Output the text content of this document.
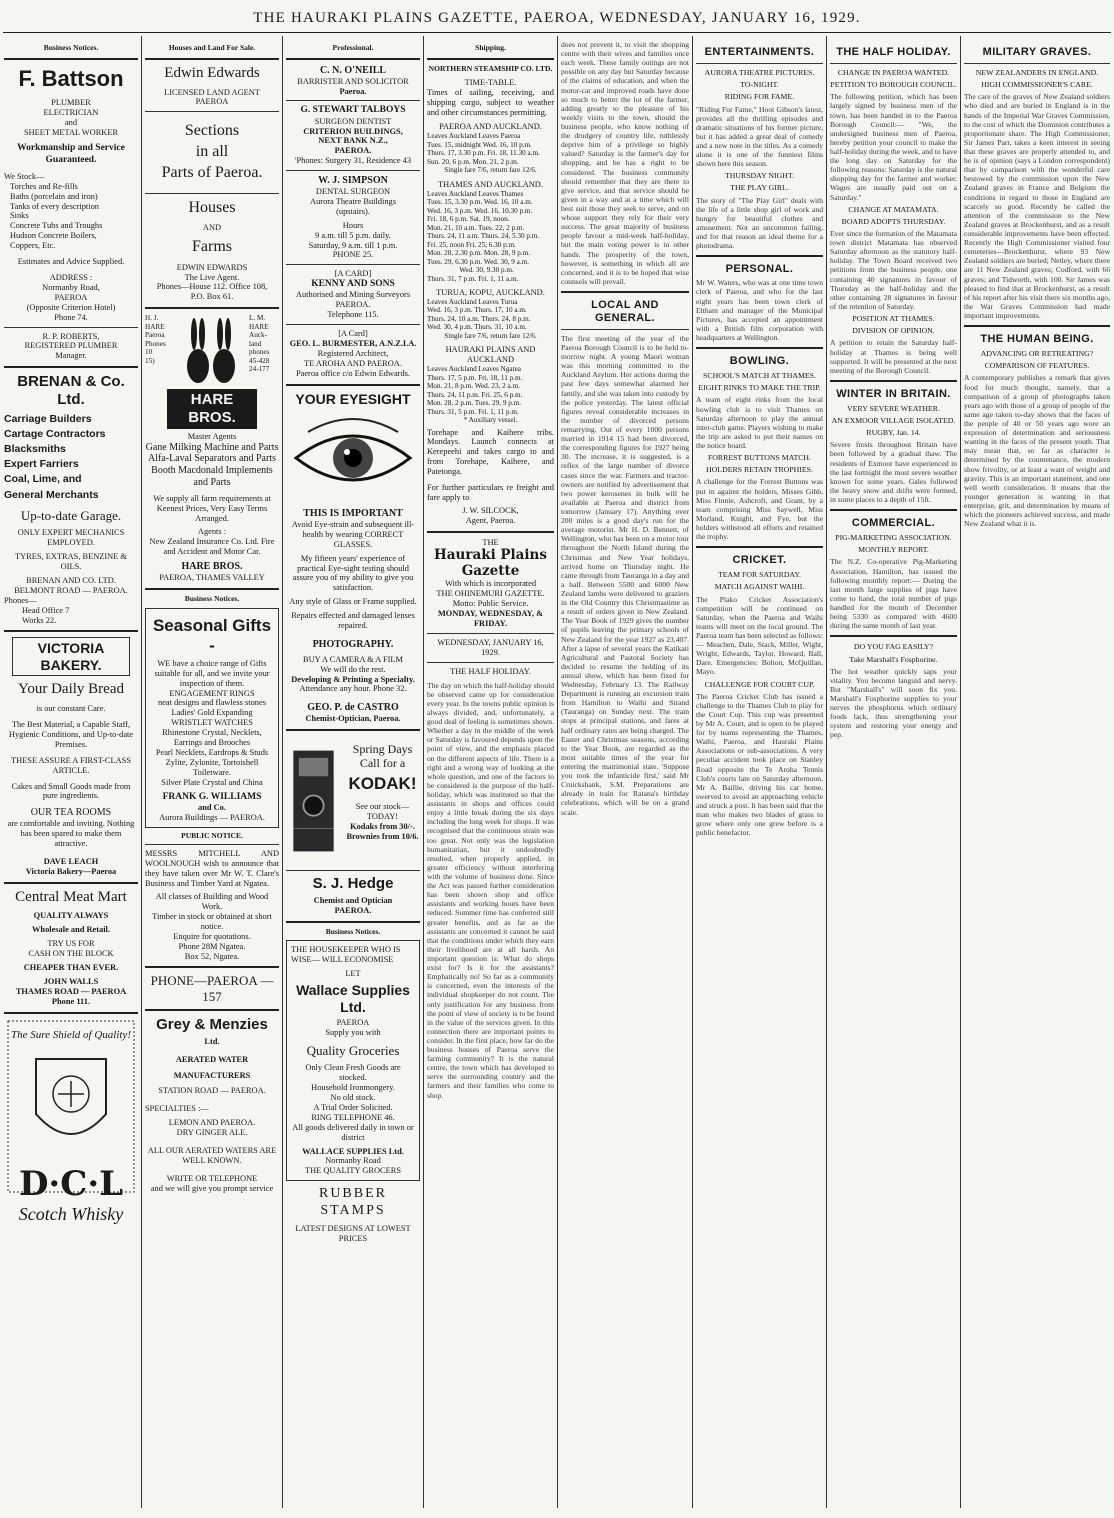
THE HAURAKI PLAINS GAZETTE, PAEROA, WEDNESDAY, JANUARY 16, 1929.
Business Notices.
F. Battson
PLUMBER
ELECTRICIAN
and
SHEET METAL WORKER
Workmanship and Service Guaranteed.
We Stock—
Torches and Re-fills
Baths (porcelain and iron)
Tanks of every description
Sinks
Concrete Tubs and Troughs
Hudson Concrete Boilers,
Coppers, Etc.
Estimates and Advice Supplied.
ADDRESS :
Normanby Road,
PAEROA
(Opposite Criterion Hotel)
Phone 74.
R. P. ROBERTS,
REGISTERED PLUMBER
Manager.
BRENAN & Co. Ltd.
Carriage Builders
Cartage Contractors
Blacksmiths
Expert Farriers
Coal, Lime, and
General Merchants
Up-to-date Garage.
ONLY EXPERT MECHANICS EMPLOYED.
TYRES, EXTRAS, BENZINE & OILS.
BRENAN AND CO. LTD.
BELMONT ROAD — PAEROA.
Phones—
Head Office 7
Works 22.
VICTORIA BAKERY.
Your Daily Bread
is our constant Care.
The Best Material, a Capable Staff, Hygienic Conditions, and Up-to-date Premises.
THESE ASSURE A FIRST-CLASS ARTICLE.
Cakes and Small Goods made from pure ingredients.
OUR TEA ROOMS
are comfortable and inviting. Nothing has been spared to make them attractive.
DAVE LEACH
Victoria Bakery—Paeroa
Central Meat Mart
QUALITY ALWAYS
Wholesale and Retail.
TRY US FOR
CASH ON THE BLOCK
CHEAPER THAN EVER.
JOHN WALLS
THAMES ROAD — PAEROA
Phone 111.
The Sure Shield of Quality!
D·C·L
Scotch Whisky
Houses and Land For Sale.
Edwin Edwards
LICENSED LAND AGENT
PAEROA
Sections
in all
Parts of Paeroa.
Houses
AND
Farms
EDWIN EDWARDS
The Live Agent.
Phones—House 112. Office 108,
P.O. Box 61.
H. J.
HARE
Paeroa
Phones
10
15)
L. M.
HARE
Auck-
land
phones
45-428
24-177
HARE BROS.
Master Agents
Gane Milking Machine and Parts
Alfa-Laval Separators and Parts
Booth Macdonald Implements and Parts
We supply all farm requirements at Keenest Prices, Very Easy Terms Arranged.
Agents :
New Zealand Insurance Co. Ltd. Fire and Accident and Motor Car.
HARE BROS.
PAEROA, THAMES VALLEY
Business Notices.
Seasonal Gifts -
WE have a choice range of Gifts suitable for all, and we invite your inspection of them.
ENGAGEMENT RINGS
neat designs and flawless stones
Ladies' Gold Expanding
WRISTLET WATCHES
Rhinestone Crystal, Necklets,
Earrings and Brooches
Pearl Necklets, Eardrops & Studs
Zylite, Zylonite, Tortoishell
Toiletware.
Silver Plate Crystal and China
FRANK G. WILLIAMS
and Co.
Aurora Buildings — PAEROA.
PUBLIC NOTICE.
MESSRS MITCHELL AND WOOLNOUGH wish to announce that they have taken over Mr W. T. Clare's Business and Timber Yard at Ngatea.
All classes of Building and Wood Work.
Timber in stock or obtained at short notice.
Enquire for quotations.
Phone 28M Ngatea.
Box 52, Ngatea.
PHONE—PAEROA —157
Grey & Menzies
Ltd.
AERATED WATER
MANUFACTURERS
STATION ROAD — PAEROA.
SPECIALTIES :—
LEMON AND PAEROA.
DRY GINGER ALE.
ALL OUR AERATED WATERS ARE WELL KNOWN.
WRITE OR TELEPHONE
and we will give you prompt service
Professional.
C. N. O'NEILL
BARRISTER AND SOLICITOR
Paeroa.
G. STEWART TALBOYS
SURGEON DENTIST
CRITERION BUILDINGS,
NEXT BANK N.Z.,
PAEROA.
'Phones: Surgery 31, Residence 43
W. J. SIMPSON
DENTAL SURGEON
Aurora Theatre Buildings
(upstairs).
Hours
9 a.m. till 5 p.m. daily.
Saturday, 9 a.m. till 1 p.m.
PHONE 25.
[A CARD]
KENNY AND SONS
Authorised and Mining Surveyors
PAEROA.
Telephone 115.
[A Card]
GEO. L. BURMESTER, A.N.Z.I.A.
Registered Architect,
TE AROHA AND PAEROA.
Paeroa office c/o Edwin Edwards.
YOUR EYESIGHT
THIS IS IMPORTANT
Avoid Eye-strain and subsequent ill-health by wearing CORRECT GLASSES.
My fifteen years' experience of practical Eye-sight testing should assure you of my ability to give you satisfaction.
Any style of Glass or Frame supplied.
Repairs effected and damaged lenses repaired.
PHOTOGRAPHY.
BUY A CAMERA & A FILM
We will do the rest.
Developing & Printing a Specialty.
Attendance any hour. Phone 32.
GEO. P. de CASTRO
Chemist-Optician, Paeroa.
Spring Days Call for a
KODAK!
See our stock—TODAY!
Kodaks from 30/-.
Brownies from 10/6.
S. J. Hedge
Chemist and Optician
PAEROA.
Business Notices.
THE HOUSEKEEPER WHO IS WISE— WILL ECONOMISE
LET
Wallace Supplies Ltd.
PAEROA
Supply you with
Quality Groceries
Only Clean Fresh Goods are stocked.
Household Ironmongery.
No old stock.
A Trial Order Solicited.
RING TELEPHONE 46.
All goods delivered daily in town or district
WALLACE SUPPLIES Ltd.
Normanby Road
THE QUALITY GROCERS
RUBBER STAMPS
LATEST DESIGNS AT LOWEST PRICES
Shipping.
NORTHERN STEAMSHIP CO. LTD.
TIME-TABLE.
Times of sailing, receiving, and shipping cargo, subject to weather and other circumstances permitting.
PAEROA AND AUCKLAND.
Leaves Auckland Leaves Paeroa
Tues. 15, midnight Wed. 16, 10 p.m.
Thurs. 17, 3.30 p.m. Fri. 18, 11.30 a.m.
Sun. 20, 6 p.m. Mon. 21, 2 p.m.
Single fare 7/6, return fare 12/6.
THAMES AND AUCKLAND.
Leaves Auckland Leaves Thames
Tues. 15, 3.30 p.m. Wed. 16, 10 a.m.
Wed. 16, 3 p.m. Wed. 16, 10.30 p.m.
Fri. 18, 6 p.m. Sat. 19, noon.
Mon. 21, 10 a.m. Tues. 22, 2 p.m.
Thurs. 24, 11 a.m. Thurs. 24, 5.30 p.m.
Fri. 25, noon Fri. 25, 6.30 p.m.
Mon. 28, 2.30 p.m. Mon. 28, 9 p.m.
Tues. 29, 6.30 p.m. Wed. 30, 9 a.m.
Wed. 30, 9.30 p.m.
Thurs. 31, 7 p.m. Fri. 1, 11 a.m.
TURUA, KOPU, AUCKLAND.
Leaves Auckland Leaves Turua
Wed. 16, 3 p.m. Thurs. 17, 10 a.m.
Thurs. 24, 10 a.m. Thurs. 24, 8 p.m.
Wed. 30, 4 p.m. Thurs. 31, 10 a.m.
Single fare 7/6, return fare 12/6.
HAURAKI PLAINS AND AUCKLAND
Leaves Auckland Leaves Ngatea
Thurs. 17, 5 p.m. Fri. 18, 11 p.m.
Mon. 21, 8 p.m. Wed. 23, 2 a.m.
Thurs. 24, 11 p.m. Fri. 25, 6 p.m.
Mon. 28, 2 p.m. Tues. 29, 9 p.m.
Thurs. 31, 5 p.m. Fri. 1, 11 p.m.
* Auxiliary vessel.
Torehape and Kaihere tribs. Mondays. Launch connects at Kerepeehi and takes cargo to and from Torehape, Kaihere, and Patetonga.
For further particulars re freight and fare apply to
J. W. SILCOCK,
Agent, Paeroa.
THE
Hauraki Plains Gazette
With which is incorporated
THE OHINEMURI GAZETTE.
Motto: Public Service.
MONDAY, WEDNESDAY, & FRIDAY.
WEDNESDAY, JANUARY 16, 1929.
THE HALF HOLIDAY.
The day on which the half-holiday should be observed came up for consideration every year. In the towns public opinion is always divided, and, unfortunately, a good deal of feeling is sometimes shown. Whether a day in the middle of the week or Saturday is favoured depends upon the point of view, and the emphasis placed on the different aspects of life. There is a right and a wrong way of looking at the whole question, and one of the factors to be considered is the purpose of the half-holiday, which was instituted so that the assistants in shops and offices could enjoy a little break during the six days including the long week for shops. It was recognised that the continuous strain was too great. Not only was the legislation humanitarian, but it undoubtedly resulted, when properly applied, in greater efficiency without interfering with the volume of business done. Since the Act was passed further consideration has been shown shop and office assistants and working hours have been reduced. Summer time has conferred still greater benefits, and as far as the assistants are concerned it cannot be said that the conditions under which they earn their livelihood are at all harsh. An important question is: What do shops exist for? Is it for the assistants? Emphatically no! So far as a community is concerned, even the interests of the individual shopkeeper do not count. The only justification for any business from the point of view of society is to be found in the value of the services given. In this connection there are important points to consider. In the first place, how far do the business houses of Paeroa serve the farming community? It is the natural centre, the town which has developed to serve the surrounding country and the farmers and their families who come to shop.
does not prevent it, to visit the shopping centre with their wives and families once each week. These family outings are not possible on any day but Saturday because of the claims of education, and when the motor-car and improved roads have done so much to better the lot of the farmer, adding greatly to the pleasure of his weekly visits to the town, should the business people, who know nothing of the drudgery of country life, ruthlessly deprive him of a privilege so highly valued? Saturday is the farmer's day for shopping, and he has a right to be considered. The business community should remember that they are there to give service, and that service should be given in a way and at a time which will best suit those they seek to serve, and on whose support they rely for their very success. The great majority of business people favour a mid-week half-holiday, but the main voting power is in other hands. The prosperity of the town, however, is something in which all are concerned, and it is to be hoped that wise counsels will prevail.
LOCAL AND GENERAL.
The first meeting of the year of the Paeroa Borough Council is to be held to-morrow night. A young Maori woman was this morning committed to the Auckland Asylum. Her actions during the past few days somewhat alarmed her family, and she was taken into custody by the police yesterday. The latest official figures reveal considerable increases in the number of divorced persons remarrying. Out of every 1000 persons married in 1914 15 had been divorced, the corresponding figures for 1927 being 30. The increase, it is suggested, is a reflex of the large number of divorce cases since the war. Farmers and tractor-owners are notified by advertisement that two power kerosenes in bulk will be available at Paeroa and district from tomorrow (January 17). Anything over 200 miles is a good day's run for the average motorist. Mr H. D. Bennett, of Wellington, who has been on a motor tour throughout the North Island during the Christmas and New Year holidays, arrived home on Thursday night. He came through from Tauranga in a day and a half. Between 5500 and 6000 New Zealand lambs were delivered to graziers in the Old Country this Christmastime as a result of orders given in New Zealand. The Year Book of 1929 gives the number of pupils leaving the primary schools of New Zealand for the year 1927 as 23,407. After a lapse of several years the Katikati Agricultural and Pastoral Society has decided to resume the holding of its annual show, which has been fixed for Wednesday, February 13. The Railway Department is running an excursion train from Hamilton to Waihi and Strand (Tauranga) on Sunday next. The train stops at principal stations, and fares at half ordinary rates are being charged. The Easter and Christmas seasons, according to the Year Book, are regarded as the most suitable times of the year for entering the matrimonial state. 'Suppose you took the infanticide first,' said Mr Cruickshank, S.M. Preparations are already in train for Ratana's birthday celebrations, which will be on a grand scale.
ENTERTAINMENTS.
AURORA THEATRE PICTURES.
TO-NIGHT.
RIDING FOR FAME.
"Riding For Fame," Hoot Gibson's latest, provides all the thrilling episodes and dramatic situations of his former picture, but it has added a great deal of comedy and a new note in the titles. As a comedy alone it is one of the funniest films shown here this season.
THURSDAY NIGHT.
THE PLAY GIRL.
The story of "The Play Girl" deals with the life of a little shop girl of work and hungry for beautiful clothes and amusement. Not an uncommon failing, and for that reason an ideal theme for a photodrama.
PERSONAL.
Mr W. Waters, who was at one time town clerk of Paeroa, and who for the last eight years has been town clerk of Eltham and manager of the Municipal Pictures, has accepted an appointment with a British film corporation with headquarters at Wellington.
BOWLING.
SCHOOL'S MATCH AT THAMES.
EIGHT RINKS TO MAKE THE TRIP.
A team of eight rinks from the local bowling club is to visit Thames on Saturday afternoon to play the annual inter-club game. Players wishing to make the trip are asked to put their names on the notice board.
FORREST BUTTONS MATCH.
HOLDERS RETAIN TROPHIES.
A challenge for the Forrest Buttons was put in against the holders, Misses Gibb, Miss Finnie, Ashcroft, and Grant, by a team comprising Miss Saywell, Miss Morland, Knight, and Fye, but the holders withstood all efforts and retained the trophy.
CRICKET.
TEAM FOR SATURDAY.
MATCH AGAINST WAIHI.
The Plako Cricket Association's competition will be continued on Saturday, when the Paeroa and Waihi teams will meet on the local ground. The Paeroa team has been selected as follows:— Meachen, Dale, Stack, Miller, Wight, Wright, Edwards, Taylor, Howard, Ball, Dare. Emergencies: Bolton, McQuillan, Mayo.
CHALLENGE FOR COURT CUP.
The Paeroa Cricket Club has issued a challenge to the Thames Club to play for the Court Cup. This cup was presented by Mr A. Court, and is open to be played for by teams representing the Thames, Waihi, Paeroa, and Hauraki Plains Associations or sub-associations. A very peculiar accident took place on Stanley Road opposite the Te Aroha Tennis Club's courts late on Saturday afternoon. Mr A. Baillie, driving his car home, swerved to avoid an approaching vehicle and struck a post. It has been said that the man who makes two blades of grass to grow where only one grew before is a public benefactor.
THE HALF HOLIDAY.
CHANGE IN PAEROA WANTED.
PETITION TO BOROUGH COUNCIL.
The following petition, which has been largely signed by business men of the town, has been handed in to the Paeroa Borough Council:— "We, the undersigned business men of Paeroa, hereby petition your council to make the half-holiday during the week, and to have the long day on Saturday for the following reasons: Saturday is the natural shopping day for the farmer and worker. Wages are usually paid out on a Saturday."
CHANGE AT MATAMATA.
BOARD ADOPTS THURSDAY.
Ever since the formation of the Matamata town district Matamata has observed Saturday afternoon as the statutory half-holiday. The Town Board received two petitions from the business people, one containing 40 signatures in favour of Thursday as the half-holiday and the other containing 28 signatures in favour of the retention of Saturday.
POSITION AT THAMES.
DIVISION OF OPINION.
A petition to retain the Saturday half-holiday at Thames is being well supported. It will be presented at the next meeting of the Borough Council.
WINTER IN BRITAIN.
VERY SEVERE WEATHER.
AN EXMOOR VILLAGE ISOLATED.
RUGBY, Jan. 14.
Severe frosts throughout Britain have been followed by a gradual thaw. The residents of Exmoor have experienced in the last fortnight the most severe weather known for some years. Gales followed the heavy snow and drifts were formed, in some places to a depth of 15ft.
COMMERCIAL.
PIG-MARKETING ASSOCIATION.
MONTHLY REPORT.
The N.Z. Co-operative Pig-Marketing Association, Hamilton, has issued the following monthly report:— During the last month large supplies of pigs have come to hand, the total number of pigs handled for the month of December being 5330 as compared with 4600 during the same month of last year.
DO YOU FAG EASILY?
Take Marshall's Fosphorine.
The hot weather quickly saps your vitality. You become languid and nervy. But "Marshall's" will soon fix you. Marshall's Fosphorine supplies to your nerves the phosphorus which ordinary foods lack, thus strengthening your system and restoring your energy and pep.
MILITARY GRAVES.
NEW ZEALANDERS IN ENGLAND.
HIGH COMMISSIONER'S CARE.
The care of the graves of New Zealand soldiers who died and are buried in England is in the hands of the Imperial War Graves Commission, to the cost of which the Dominion contributes a proportionate share. The High Commissioner, Sir James Parr, takes a keen interest in seeing that these graves are properly attended to, and he is of opinion (says a London correspondent) that by comparison with the wonderful care bestowed by the commission upon the New Zealand graves in France and Belgium the conditions in regard to those in England are scarcely so good. Recently he called the attention of the commission to the New Zealand graves at Brockenhurst, and as a result considerable improvements have been effected. Recently the High Commissioner visited four cemeteries—Brockenhurst, where 93 New Zealand soldiers are buried; Netley, where there are 11 New Zealand graves; Codford, with 66 graves; and Tidworth, with 100. Sir James was pleased to find that at Brockenhurst, as a result of his report after his visit there six months ago, the War Graves Commission had made important improvements.
THE HUMAN BEING.
ADVANCING OR RETREATING?
COMPARISON OF FEATURES.
A contemporary publishes a remark that gives food for much thought, namely, that a comparison of a group of photographs taken years ago with those of a group of people of the same age taken to-day shows that the faces of the people of 40 or 50 years ago wore an expression of determination and seriousness wanting in the faces of the present youth. That may mean that, so far as character is determined by the countenance, the modern show frivolity, or at least a want of weight and gravity. This is an important statement, and one well worth consideration. It means that the younger generation is wanting in that enterprise, grit, and determination by means of which the pioneers achieved success, and made New Zealand what it is.
